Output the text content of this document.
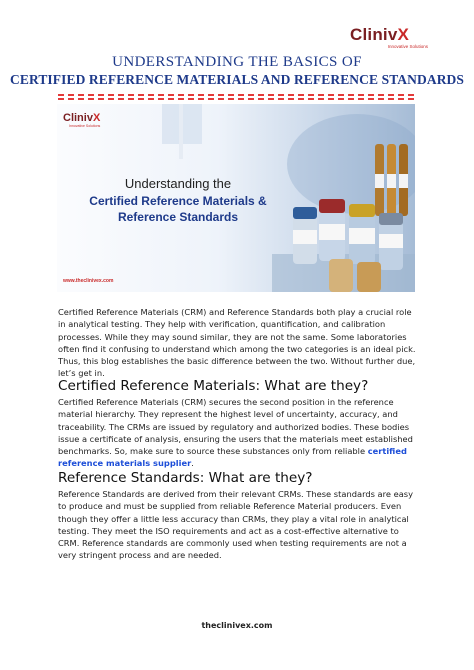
ClinivX
Innovative Solutions
UNDERSTANDING THE BASICS OF
CERTIFIED REFERENCE MATERIALS AND REFERENCE STANDARDS
ClinivX
Innovative Solutions
Understanding the
Certified Reference Materials &
Reference Standards
www.theclinivex.com

Certified Reference Materials (CRM) and Reference Standards both play a crucial role in analytical testing. They help with verification, quantification, and calibration processes. While they may sound similar, they are not the same. Some laboratories often find it confusing to understand which among the two categories is an ideal pick. Thus, this blog establishes the basic difference between the two. Without further due, let’s get in.

Certified Reference Materials: What are they?

Certified Reference Materials (CRM) secures the second position in the reference material hierarchy. They represent the highest level of uncertainty, accuracy, and traceability. The CRMs are issued by regulatory and authorized bodies. These bodies issue a certificate of analysis, ensuring the users that the materials meet established benchmarks. So, make sure to source these substances only from reliable certified reference materials supplier.

Reference Standards: What are they?

Reference Standards are derived from their relevant CRMs. These standards are easy to produce and must be supplied from reliable Reference Material producers. Even though they offer a little less accuracy than CRMs, they play a vital role in analytical testing. They meet the ISO requirements and act as a cost-effective alternative to CRM. Reference standards are commonly used when testing requirements are not a very stringent process and are needed.

theclinivex.com
